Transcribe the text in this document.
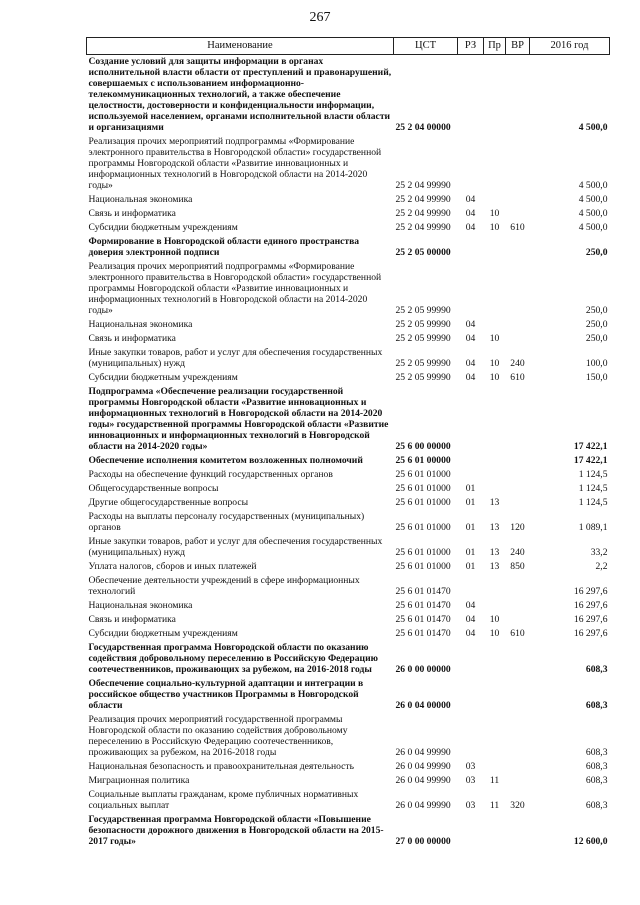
267
Наименование	ЦСТ	РЗ	Пр	ВР	2016 год
Создание условий для защиты информации в органах исполнительной власти области от преступлений и правонарушений, совершаемых с использованием информационно-телекоммуникационных технологий, а также обеспечение целостности, достоверности и конфиденциальности информации, используемой населением, органами исполнительной власти области и организациями	25 2 04 00000				4 500,0
Реализация прочих мероприятий подпрограммы «Формирование электронного правительства в Новгородской области» государственной программы Новгородской области «Развитие инновационных и информационных технологий в Новгородской области на 2014-2020 годы»	25 2 04 99990				4 500,0
Национальная экономика	25 2 04 99990	04			4 500,0
Связь и информатика	25 2 04 99990	04	10		4 500,0
Субсидии бюджетным учреждениям	25 2 04 99990	04	10	610	4 500,0
Формирование в Новгородской области единого пространства доверия электронной подписи	25 2 05 00000				250,0
Реализация прочих мероприятий подпрограммы «Формирование электронного правительства в Новгородской области» государственной программы Новгородской области «Развитие инновационных и информационных технологий в Новгородской области на 2014-2020 годы»	25 2 05 99990				250,0
Национальная экономика	25 2 05 99990	04			250,0
Связь и информатика	25 2 05 99990	04	10		250,0
Иные закупки товаров, работ и услуг для обеспечения государственных (муниципальных) нужд	25 2 05 99990	04	10	240	100,0
Субсидии бюджетным учреждениям	25 2 05 99990	04	10	610	150,0
Подпрограмма «Обеспечение реализации государственной программы Новгородской области «Развитие инновационных и информационных технологий в Новгородской области на 2014-2020 годы» государственной программы Новгородской области «Развитие инновационных и информационных технологий в Новгородской области на 2014-2020 годы»	25 6 00 00000				17 422,1
Обеспечение исполнения комитетом возложенных полномочий	25 6 01 00000				17 422,1
Расходы на обеспечение функций государственных органов	25 6 01 01000				1 124,5
Общегосударственные вопросы	25 6 01 01000	01			1 124,5
Другие общегосударственные вопросы	25 6 01 01000	01	13		1 124,5
Расходы на выплаты персоналу государственных (муниципальных) органов	25 6 01 01000	01	13	120	1 089,1
Иные закупки товаров, работ и услуг для обеспечения государственных (муниципальных) нужд	25 6 01 01000	01	13	240	33,2
Уплата налогов, сборов и иных платежей	25 6 01 01000	01	13	850	2,2
Обеспечение деятельности учреждений в сфере информационных технологий	25 6 01 01470				16 297,6
Национальная экономика	25 6 01 01470	04			16 297,6
Связь и информатика	25 6 01 01470	04	10		16 297,6
Субсидии бюджетным учреждениям	25 6 01 01470	04	10	610	16 297,6
Государственная программа Новгородской области по оказанию содействия добровольному переселению в Российскую Федерацию соотечественников, проживающих за рубежом, на 2016-2018 годы	26 0 00 00000				608,3
Обеспечение социально-культурной адаптации и интеграции в российское общество участников Программы в Новгородской области	26 0 04 00000				608,3
Реализация прочих мероприятий государственной программы Новгородской области по оказанию содействия добровольному переселению в Российскую Федерацию соотечественников, проживающих за рубежом, на 2016-2018 годы	26 0 04 99990				608,3
Национальная безопасность и правоохранительная деятельность	26 0 04 99990	03			608,3
Миграционная политика	26 0 04 99990	03	11		608,3
Социальные выплаты гражданам, кроме публичных нормативных социальных выплат	26 0 04 99990	03	11	320	608,3
Государственная программа Новгородской области «Повышение безопасности дорожного движения в Новгородской области на 2015-2017 годы»	27 0 00 00000				12 600,0
